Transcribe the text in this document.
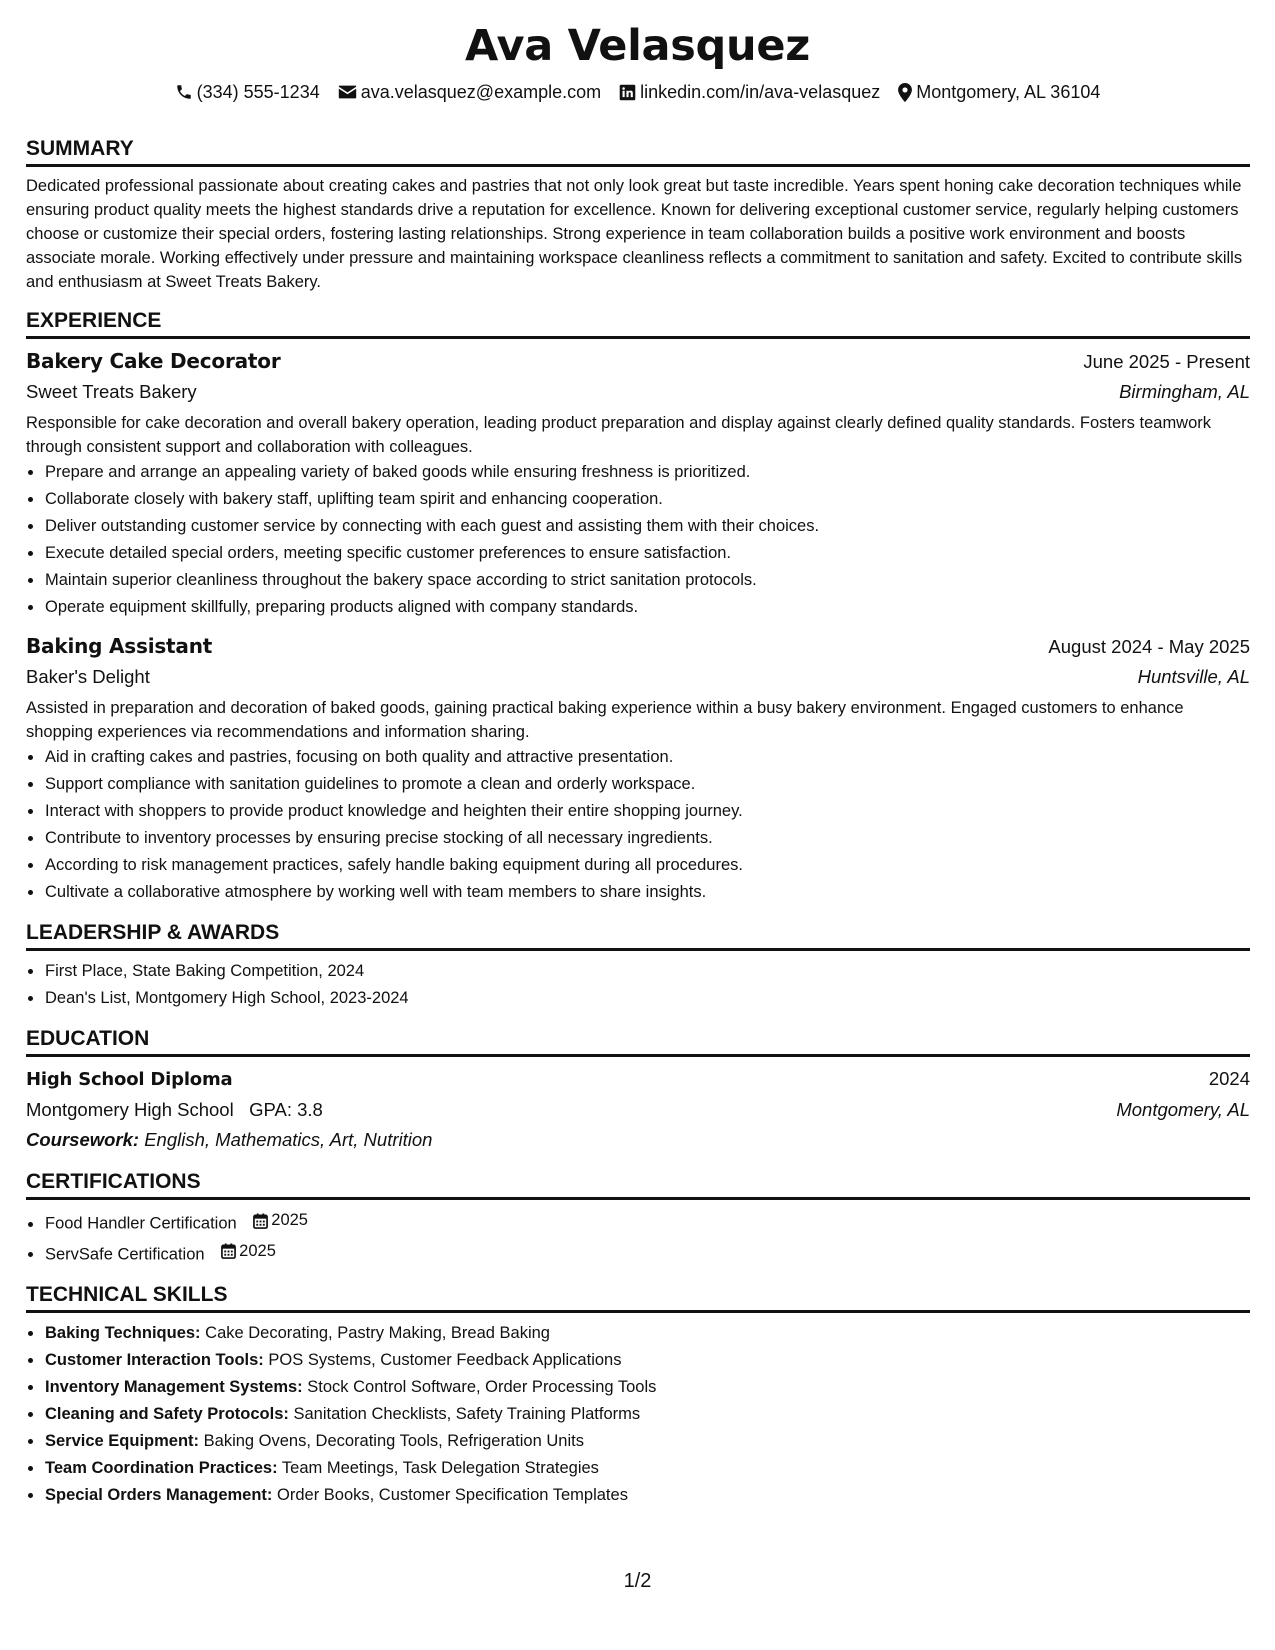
Ava Velasquez
(334) 555-1234 ava.velasquez@example.com linkedin.com/in/ava-velasquez Montgomery, AL 36104
SUMMARY

Dedicated professional passionate about creating cakes and pastries that not only look great but taste incredible. Years spent honing cake decoration techniques while ensuring product quality meets the highest standards drive a reputation for excellence. Known for delivering exceptional customer service, regularly helping customers choose or customize their special orders, fostering lasting relationships. Strong experience in team collaboration builds a positive work environment and boosts associate morale. Working effectively under pressure and maintaining workspace cleanliness reflects a commitment to sanitation and safety. Excited to contribute skills and enthusiasm at Sweet Treats Bakery.

EXPERIENCE
Bakery Cake Decorator	June 2025 - Present
Sweet Treats Bakery	Birmingham, AL

Responsible for cake decoration and overall bakery operation, leading product preparation and display against clearly defined quality standards. Fosters teamwork through consistent support and collaboration with colleagues.

• Prepare and arrange an appealing variety of baked goods while ensuring freshness is prioritized.
• Collaborate closely with bakery staff, uplifting team spirit and enhancing cooperation.
• Deliver outstanding customer service by connecting with each guest and assisting them with their choices.
• Execute detailed special orders, meeting specific customer preferences to ensure satisfaction.
• Maintain superior cleanliness throughout the bakery space according to strict sanitation protocols.
• Operate equipment skillfully, preparing products aligned with company standards.
Baking Assistant	August 2024 - May 2025
Baker's Delight	Huntsville, AL

Assisted in preparation and decoration of baked goods, gaining practical baking experience within a busy bakery environment. Engaged customers to enhance shopping experiences via recommendations and information sharing.

• Aid in crafting cakes and pastries, focusing on both quality and attractive presentation.
• Support compliance with sanitation guidelines to promote a clean and orderly workspace.
• Interact with shoppers to provide product knowledge and heighten their entire shopping journey.
• Contribute to inventory processes by ensuring precise stocking of all necessary ingredients.
• According to risk management practices, safely handle baking equipment during all procedures.
• Cultivate a collaborative atmosphere by working well with team members to share insights.
LEADERSHIP & AWARDS
• First Place, State Baking Competition, 2024
• Dean's List, Montgomery High School, 2023-2024
EDUCATION
High School Diploma	2024
Montgomery High School GPA: 3.8	Montgomery, AL
Coursework: English, Mathematics, Art, Nutrition
CERTIFICATIONS
• Food Handler Certification 2025
• ServSafe Certification 2025
TECHNICAL SKILLS
• Baking Techniques: Cake Decorating, Pastry Making, Bread Baking
• Customer Interaction Tools: POS Systems, Customer Feedback Applications
• Inventory Management Systems: Stock Control Software, Order Processing Tools
• Cleaning and Safety Protocols: Sanitation Checklists, Safety Training Platforms
• Service Equipment: Baking Ovens, Decorating Tools, Refrigeration Units
• Team Coordination Practices: Team Meetings, Task Delegation Strategies
• Special Orders Management: Order Books, Customer Specification Templates
1/2
